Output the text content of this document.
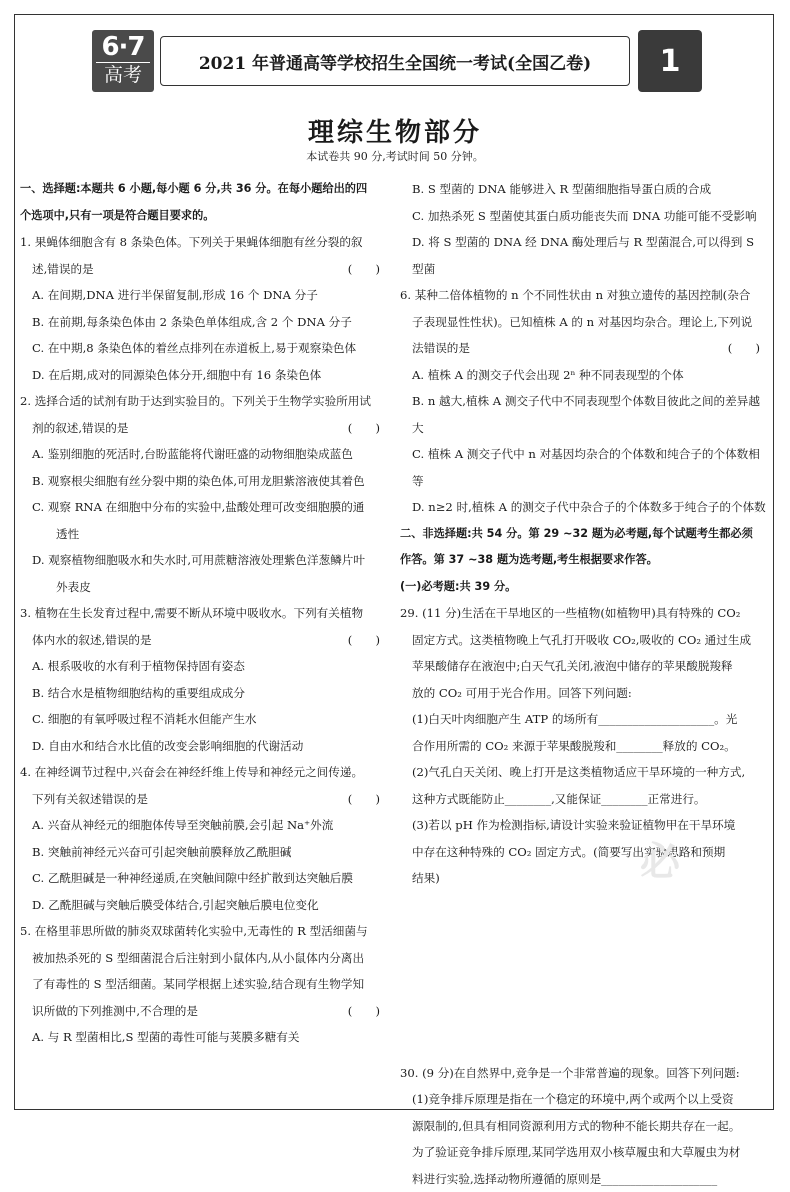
6·7
高考
2021 年普通高等学校招生全国统一考试(全国乙卷)	1
理综生物部分
本试卷共 90 分,考试时间 50 分钟。

一、选择题:本题共 6 小题,每小题 6 分,共 36 分。在每小题给出的四

个选项中,只有一项是符合题目要求的。

1. 果蝇体细胞含有 8 条染色体。下列关于果蝇体细胞有丝分裂的叙

(　　)
述,错误的是

A. 在间期,DNA 进行半保留复制,形成 16 个 DNA 分子

B. 在前期,每条染色体由 2 条染色单体组成,含 2 个 DNA 分子

C. 在中期,8 条染色体的着丝点排列在赤道板上,易于观察染色体

D. 在后期,成对的同源染色体分开,细胞中有 16 条染色体

2. 选择合适的试剂有助于达到实验目的。下列关于生物学实验所用试

(　　)
剂的叙述,错误的是

A. 鉴别细胞的死活时,台盼蓝能将代谢旺盛的动物细胞染成蓝色

B. 观察根尖细胞有丝分裂中期的染色体,可用龙胆紫溶液使其着色

C. 观察 RNA 在细胞中分布的实验中,盐酸处理可改变细胞膜的通

透性

D. 观察植物细胞吸水和失水时,可用蔗糖溶液处理紫色洋葱鳞片叶

外表皮

3. 植物在生长发育过程中,需要不断从环境中吸收水。下列有关植物

(　　)
体内水的叙述,错误的是

A. 根系吸收的水有利于植物保持固有姿态

B. 结合水是植物细胞结构的重要组成成分

C. 细胞的有氧呼吸过程不消耗水但能产生水

D. 自由水和结合水比值的改变会影响细胞的代谢活动

4. 在神经调节过程中,兴奋会在神经纤维上传导和神经元之间传递。

(　　)
下列有关叙述错误的是

A. 兴奋从神经元的细胞体传导至突触前膜,会引起 Na⁺外流

B. 突触前神经元兴奋可引起突触前膜释放乙酰胆碱

C. 乙酰胆碱是一种神经递质,在突触间隙中经扩散到达突触后膜

D. 乙酰胆碱与突触后膜受体结合,引起突触后膜电位变化

5. 在格里菲思所做的肺炎双球菌转化实验中,无毒性的 R 型活细菌与

被加热杀死的 S 型细菌混合后注射到小鼠体内,从小鼠体内分离出

了有毒性的 S 型活细菌。某同学根据上述实验,结合现有生物学知

(　　)
识所做的下列推测中,不合理的是

A. 与 R 型菌相比,S 型菌的毒性可能与荚膜多糖有关

B. S 型菌的 DNA 能够进入 R 型菌细胞指导蛋白质的合成

C. 加热杀死 S 型菌使其蛋白质功能丧失而 DNA 功能可能不受影响

D. 将 S 型菌的 DNA 经 DNA 酶处理后与 R 型菌混合,可以得到 S 型菌

6. 某种二倍体植物的 n 个不同性状由 n 对独立遗传的基因控制(杂合

子表现显性性状)。已知植株 A 的 n 对基因均杂合。理论上,下列说

(　　)
法错误的是

A. 植株 A 的测交子代会出现 2ⁿ 种不同表现型的个体

B. n 越大,植株 A 测交子代中不同表现型个体数目彼此之间的差异越大

C. 植株 A 测交子代中 n 对基因均杂合的个体数和纯合子的个体数相等

D. n≥2 时,植株 A 的测交子代中杂合子的个体数多于纯合子的个体数

二、非选择题:共 54 分。第 29 ~32 题为必考题,每个试题考生都必须

作答。第 37 ~38 题为选考题,考生根据要求作答。

(一)必考题:共 39 分。

29. (11 分)生活在干旱地区的一些植物(如植物甲)具有特殊的 CO₂

固定方式。这类植物晚上气孔打开吸收 CO₂,吸收的 CO₂ 通过生成

苹果酸储存在液泡中;白天气孔关闭,液泡中储存的苹果酸脱羧释

放的 CO₂ 可用于光合作用。回答下列问题:

(1)白天叶肉细胞产生 ATP 的场所有____________________。光

合作用所需的 CO₂ 来源于苹果酸脱羧和________释放的 CO₂。

(2)气孔白天关闭、晚上打开是这类植物适应干旱环境的一种方式,

这种方式既能防止________,又能保证________正常进行。

(3)若以 pH 作为检测指标,请设计实验来验证植物甲在干旱环境

中存在这种特殊的 CO₂ 固定方式。(简要写出实验思路和预期

结果)

30. (9 分)在自然界中,竞争是一个非常普遍的现象。回答下列问题:

(1)竞争排斥原理是指在一个稳定的环境中,两个或两个以上受资

源限制的,但具有相同资源利用方式的物种不能长期共存在一起。

为了验证竞争排斥原理,某同学选用双小核草履虫和大草履虫为材

料进行实验,选择动物所遵循的原则是____________________

必
